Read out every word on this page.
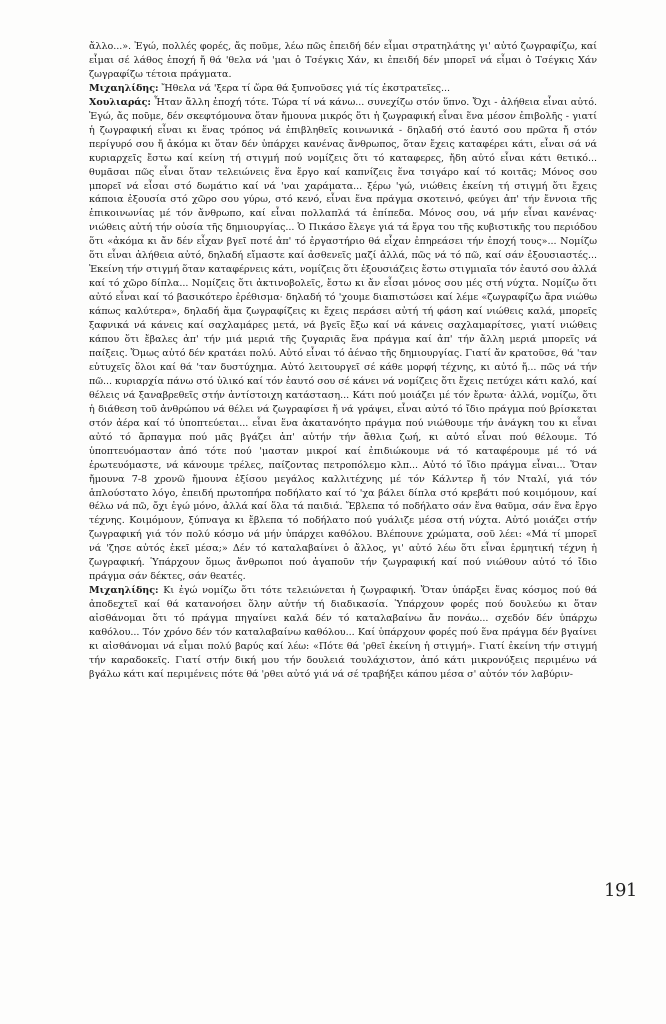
ἄλλο...». Ἐγώ, πολλές φορές, ἄς ποῦμε, λέω πῶς ἐπειδή δέν εἶμαι στρατηλάτης γι' αὐτό ζωγραφίζω, καί εἶμαι σέ λάθος ἐποχή ἤ θά 'θελα νά 'μαι ὁ Τσέγκις Χάν, κι ἐπειδή δέν μπορεῖ νά εἶμαι ὁ Τσέγκις Χάν ζωγραφίζω τέτοια πράγματα.

Μιχαηλίδης: Ἤθελα νά 'ξερα τί ὥρα θά ξυπνοῦσες γιά τίς ἐκστρατεῖες...

Χουλιαράς: Ἦταν ἄλλη ἐποχή τότε. Τώρα τί νά κάνω... συνεχίζω στόν ὕπνο. Ὄχι - ἀλήθεια εἶναι αὐτό. Ἐγώ, ἄς ποῦμε, δέν σκεφτόμουνα ὅταν ἤμουνα μικρός ὅτι ἡ ζωγραφική εἶναι ἕνα μέσον ἐπιβολῆς - γιατί ἡ ζωγραφική εἶναι κι ἕνας τρόπος νά ἐπιβληθεῖς κοινωνικά - δηλαδή στό ἑαυτό σου πρῶτα ἤ στόν περίγυρό σου ἤ ἀκόμα κι ὅταν δέν ὑπάρχει κανένας ἄνθρωπος, ὅταν ἔχεις καταφέρει κάτι, εἶναι σά νά κυριαρχεῖς ἔστω καί κείνη τή στιγμή πού νομίζεις ὅτι τό καταφερες, ἤδη αὐτό εἶναι κάτι θετικό... θυμᾶσαι πῶς εἶναι ὅταν τελειώνεις ἕνα ἔργο καί καπνίζεις ἕνα τσιγάρο καί τό κοιτᾶς; Μόνος σου μπορεῖ νά εἶσαι στό δωμάτιο καί νά 'ναι χαράματα... ξέρω 'γώ, νιώθεις ἐκείνη τή στιγμή ὅτι ἔχεις κάποια ἐξουσία στό χῶρο σου γύρω, στό κενό, εἶναι ἕνα πράγμα σκοτεινό, φεύγει ἀπ' τήν ἔννοια τῆς ἐπικοινωνίας μέ τόν ἄνθρωπο, καί εἶναι πολλαπλά τά ἐπίπεδα. Μόνος σου, νά μήν εἶναι κανένας· νιώθεις αὐτή τήν οὐσία τῆς δημιουργίας... Ὁ Πικάσο ἔλεγε γιά τά ἔργα του τῆς κυβιστικῆς του περιόδου ὅτι «ἀκόμα κι ἄν δέν εἶχαν βγεῖ ποτέ ἀπ' τό ἐργαστήριο θά εἶχαν ἐπηρεάσει τήν ἐποχή τους»... Νομίζω ὅτι εἶναι ἀλήθεια αὐτό, δηλαδή εἴμαστε καί ἀσθενεῖς μαζί ἀλλά, πῶς νά τό πῶ, καί σάν ἐξουσιαστές... Ἐκείνη τήν στιγμή ὅταν καταφέρνεις κάτι, νομίζεις ὅτι ἐξουσιάζεις ἔστω στιγμιαῖα τόν ἑαυτό σου ἀλλά καί τό χῶρο δίπλα... Νομίζεις ὅτι ἀκτινοβολεῖς, ἔστω κι ἄν εἶσαι μόνος σου μές στή νύχτα. Νομίζω ὅτι αὐτό εἶναι καί τό βασικότερο ἐρέθισμα· δηλαδή τό 'χουμε διαπιστώσει καί λέμε «ζωγραφίζω ἄρα νιώθω κάπως καλύτερα», δηλαδή ἅμα ζωγραφίζεις κι ἔχεις περάσει αὐτή τή φάση καί νιώθεις καλά, μπορεῖς ξαφνικά νά κάνεις καί σαχλαμάρες μετά, νά βγεῖς ἔξω καί νά κάνεις σαχλαμαρίτσες, γιατί νιώθεις κάπου ὅτι ἔβαλες ἀπ' τήν μιά μεριά τῆς ζυγαριᾶς ἕνα πράγμα καί ἀπ' τήν ἄλλη μεριά μπορεῖς νά παίξεις. Ὅμως αὐτό δέν κρατάει πολύ. Αὐτό εἶναι τό ἀέναο τῆς δημιουργίας. Γιατί ἄν κρατοῦσε, θά 'ταν εὐτυχεῖς ὅλοι καί θά 'ταν δυστύχημα. Αὐτό λειτουργεῖ σέ κάθε μορφή τέχνης, κι αὐτό ἤ... πῶς νά τήν πῶ... κυριαρχία πάνω στό ὑλικό καί τόν ἑαυτό σου σέ κάνει νά νομίζεις ὅτι ἔχεις πετύχει κάτι καλό, καί θέλεις νά ξαναβρεθεῖς στήν ἀντίστοιχη κατάσταση... Κάτι πού μοιάζει μέ τόν ἔρωτα· ἀλλά, νομίζω, ὅτι ἡ διάθεση τοῦ ἀνθρώπου νά θέλει νά ζωγραφίσει ἤ νά γράψει, εἶναι αὐτό τό ἴδιο πράγμα πού βρίσκεται στόν ἀέρα καί τό ὑποπτεύεται... εἶναι ἕνα ἀκατανόητο πράγμα πού νιώθουμε τήν ἀνάγκη του κι εἶναι αὐτό τό ἄρπαγμα πού μᾶς βγάζει ἀπ' αὐτήν τήν ἄθλια ζωή, κι αὐτό εἶναι πού θέλουμε. Τό ὑποπτευόμασταν ἀπό τότε πού 'μασταν μικροί καί ἐπιδιώκουμε νά τό καταφέρουμε μέ τό νά ἐρωτευόμαστε, νά κάνουμε τρέλες, παίζοντας πετροπόλεμο κλπ... Αὐτό τό ἴδιο πράγμα εἶναι... Ὅταν ἤμουνα 7-8 χρονῶ ἤμουνα ἐξίσου μεγάλος καλλιτέχνης μέ τόν Κάλντερ ἤ τόν Νταλί, γιά τόν ἁπλούστατο λόγο, ἐπειδή πρωτοπήρα ποδήλατο καί τό 'χα βάλει δίπλα στό κρεβάτι πού κοιμόμουν, καί θέλω νά πῶ, ὄχι ἐγώ μόνο, ἀλλά καί ὅλα τά παιδιά. Ἔβλεπα τό ποδήλατο σάν ἕνα θαῦμα, σάν ἕνα ἔργο τέχνης. Κοιμόμουν, ξύπναγα κι ἔβλεπα τό ποδήλατο πού γυάλιζε μέσα στή νύχτα. Αὐτό μοιάζει στήν ζωγραφική γιά τόν πολύ κόσμο νά μήν ὑπάρχει καθόλου. Βλέπουνε χρώματα, σοῦ λέει: «Μά τί μπορεῖ νά 'ζησε αὐτός ἐκεῖ μέσα;» Δέν τό καταλαβαίνει ὁ ἄλλος, γι' αὐτό λέω ὅτι εἶναι ἑρμητική τέχνη ἡ ζωγραφική. Ὑπάρχουν ὅμως ἄνθρωποι πού ἀγαποῦν τήν ζωγραφική καί πού νιώθουν αὐτό τό ἴδιο πράγμα σάν δέκτες, σάν θεατές.

Μιχαηλίδης: Κι ἐγώ νομίζω ὅτι τότε τελειώνεται ἡ ζωγραφική. Ὅταν ὑπάρξει ἕνας κόσμος πού θά ἀποδεχτεῖ καί θά κατανοήσει ὅλην αὐτήν τή διαδικασία. Ὑπάρχουν φορές πού δουλεύω κι ὅταν αἰσθάνομαι ὅτι τό πράγμα πηγαίνει καλά δέν τό καταλαβαίνω ἄν πονάω... σχεδόν δέν ὑπάρχω καθόλου... Τόν χρόνο δέν τόν καταλαβαίνω καθόλου... Καί ὑπάρχουν φορές πού ἕνα πράγμα δέν βγαίνει κι αἰσθάνομαι νά εἶμαι πολύ βαρύς καί λέω: «Πότε θά 'ρθεῖ ἐκείνη ἡ στιγμή». Γιατί ἐκείνη τήν στιγμή τήν καραδοκεῖς. Γιατί στήν δική μου τήν δουλειά τουλάχιστον, ἀπό κάτι μικρονύξεις περιμένω νά βγάλω κάτι καί περιμένεις πότε θά 'ρθει αὐτό γιά νά σέ τραβήξει κάπου μέσα σ' αὐτόν τόν λαβύριν-

191
